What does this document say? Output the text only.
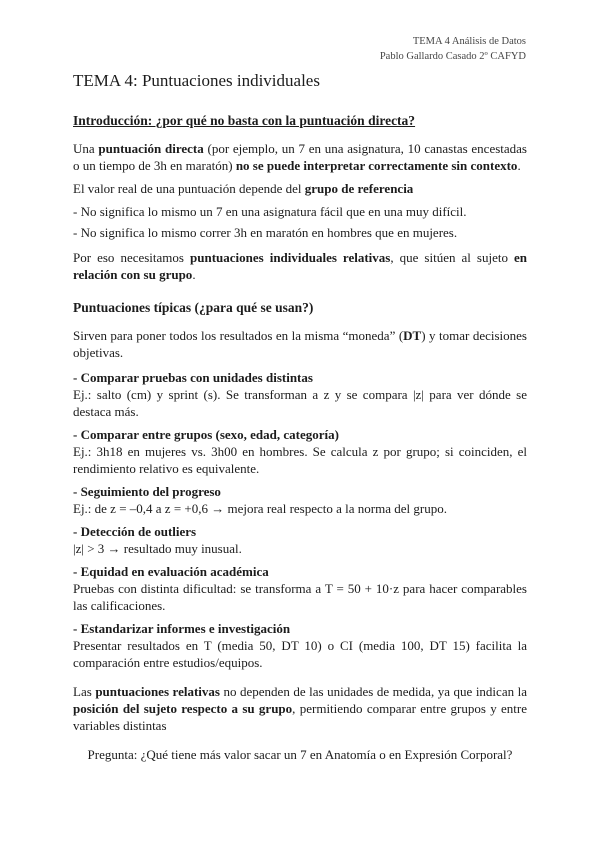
TEMA 4 Análisis de Datos
Pablo Gallardo Casado 2º CAFYD
TEMA 4: Puntuaciones individuales
Introducción: ¿por qué no basta con la puntuación directa?

Una puntuación directa (por ejemplo, un 7 en una asignatura, 10 canastas encestadas o un tiempo de 3h en maratón) no se puede interpretar correctamente sin contexto.

El valor real de una puntuación depende del grupo de referencia

- No significa lo mismo un 7 en una asignatura fácil que en una muy difícil.

- No significa lo mismo correr 3h en maratón en hombres que en mujeres.

Por eso necesitamos puntuaciones individuales relativas, que sitúen al sujeto en relación con su grupo.

Puntuaciones típicas (¿para qué se usan?)

Sirven para poner todos los resultados en la misma “moneda” (DT) y tomar decisiones objetivas.

- Comparar pruebas con unidades distintas

Ej.: salto (cm) y sprint (s). Se transforman a z y se compara |z| para ver dónde se destaca más.

- Comparar entre grupos (sexo, edad, categoría)

Ej.: 3h18 en mujeres vs. 3h00 en hombres. Se calcula z por grupo; si coinciden, el rendimiento relativo es equivalente.

- Seguimiento del progreso

Ej.: de z = –0,4 a z = +0,6 → mejora real respecto a la norma del grupo.

- Detección de outliers

|z| > 3 → resultado muy inusual.

- Equidad en evaluación académica

Pruebas con distinta dificultad: se transforma a T = 50 + 10·z para hacer comparables las calificaciones.

- Estandarizar informes e investigación

Presentar resultados en T (media 50, DT 10) o CI (media 100, DT 15) facilita la comparación entre estudios/equipos.

Las puntuaciones relativas no dependen de las unidades de medida, ya que indican la posición del sujeto respecto a su grupo, permitiendo comparar entre grupos y entre variables distintas

Pregunta: ¿Qué tiene más valor sacar un 7 en Anatomía o en Expresión Corporal?
